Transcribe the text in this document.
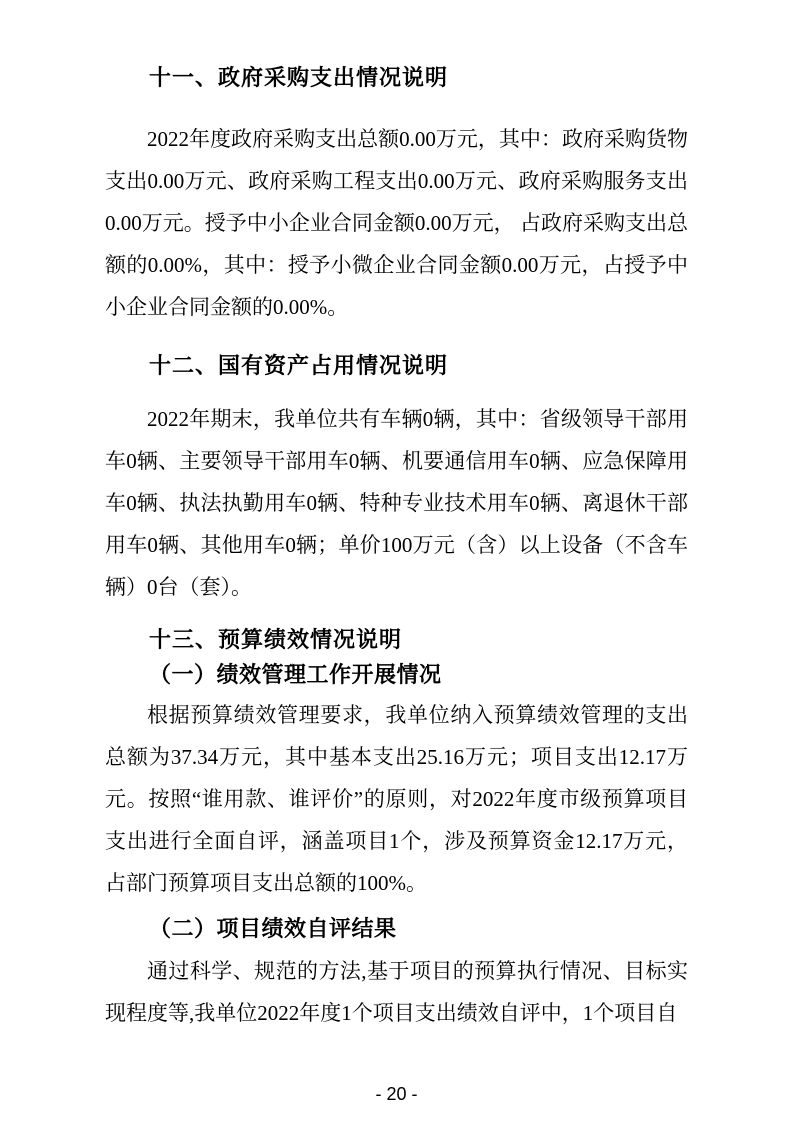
十一、政府采购支出情况说明

2022年度政府采购支出总额0.00万元，其中：政府采购货物支出0.00万元、政府采购工程支出0.00万元、政府采购服务支出0.00万元。授予中小企业合同金额0.00万元， 占政府采购支出总额的0.00%，其中：授予小微企业合同金额0.00万元，占授予中小企业合同金额的0.00%。

十二、国有资产占用情况说明

2022年期末，我单位共有车辆0辆，其中：省级领导干部用车0辆、主要领导干部用车0辆、机要通信用车0辆、应急保障用车0辆、执法执勤用车0辆、特种专业技术用车0辆、离退休干部用车0辆、其他用车0辆；单价100万元（含）以上设备（不含车辆）0台（套）。

十三、预算绩效情况说明
（一）绩效管理工作开展情况

根据预算绩效管理要求，我单位纳入预算绩效管理的支出总额为37.34万元，其中基本支出25.16万元；项目支出12.17万元。按照“谁用款、谁评价”的原则，对2022年度市级预算项目支出进行全面自评，涵盖项目1个，涉及预算资金12.17万元， 占部门预算项目支出总额的100%。

（二）项目绩效自评结果

通过科学、规范的方法,基于项目的预算执行情况、目标实现程度等,我单位2022年度1个项目支出绩效自评中，1个项目自

- 20 -
